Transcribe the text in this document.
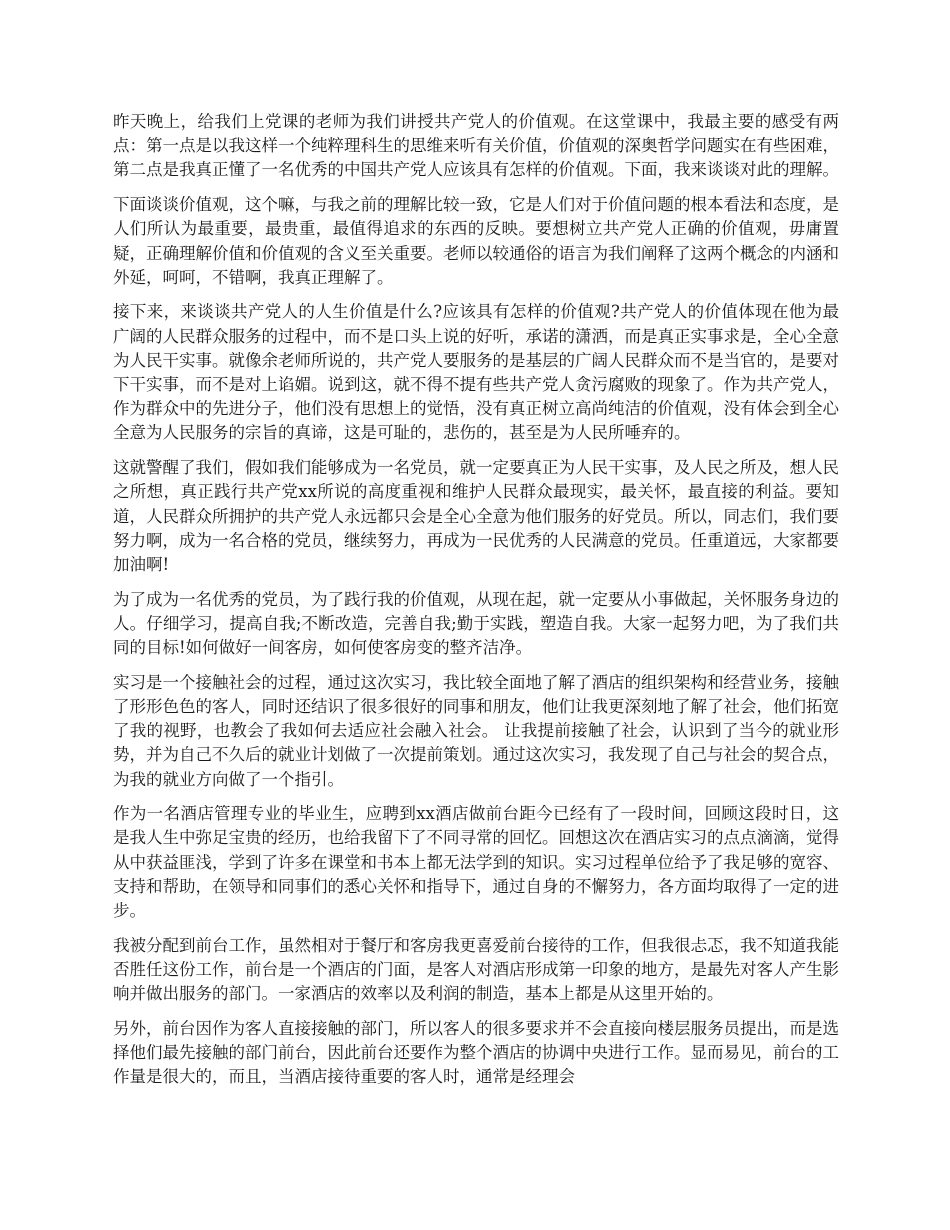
昨天晚上，给我们上党课的老师为我们讲授共产党人的价值观。在这堂课中，我最主要的感受有两点：第一点是以我这样一个纯粹理科生的思维来听有关价值，价值观的深奥哲学问题实在有些困难，第二点是我真正懂了一名优秀的中国共产党人应该具有怎样的价值观。下面，我来谈谈对此的理解。

下面谈谈价值观，这个嘛，与我之前的理解比较一致，它是人们对于价值问题的根本看法和态度，是人们所认为最重要，最贵重，最值得追求的东西的反映。要想树立共产党人正确的价值观，毋庸置疑，正确理解价值和价值观的含义至关重要。老师以较通俗的语言为我们阐释了这两个概念的内涵和外延，呵呵，不错啊，我真正理解了。

接下来，来谈谈共产党人的人生价值是什么?应该具有怎样的价值观?共产党人的价值体现在他为最广阔的人民群众服务的过程中，而不是口头上说的好听，承诺的潇洒，而是真正实事求是，全心全意为人民干实事。就像余老师所说的，共产党人要服务的是基层的广阔人民群众而不是当官的，是要对下干实事，而不是对上谄媚。说到这，就不得不提有些共产党人贪污腐败的现象了。作为共产党人，作为群众中的先进分子，他们没有思想上的觉悟，没有真正树立高尚纯洁的价值观，没有体会到全心全意为人民服务的宗旨的真谛，这是可耻的，悲伤的，甚至是为人民所唾弃的。

这就警醒了我们，假如我们能够成为一名党员，就一定要真正为人民干实事，及人民之所及，想人民之所想，真正践行共产党xx所说的高度重视和维护人民群众最现实，最关怀，最直接的利益。要知道，人民群众所拥护的共产党人永远都只会是全心全意为他们服务的好党员。所以，同志们，我们要努力啊，成为一名合格的党员，继续努力，再成为一民优秀的人民满意的党员。任重道远，大家都要加油啊!

为了成为一名优秀的党员，为了践行我的价值观，从现在起，就一定要从小事做起，关怀服务身边的人。仔细学习，提高自我;不断改造，完善自我;勤于实践，塑造自我。大家一起努力吧，为了我们共同的目标!如何做好一间客房，如何使客房变的整齐洁净。

实习是一个接触社会的过程，通过这次实习，我比较全面地了解了酒店的组织架构和经营业务，接触了形形色色的客人，同时还结识了很多很好的同事和朋友，他们让我更深刻地了解了社会，他们拓宽了我的视野，也教会了我如何去适应社会融入社会。 让我提前接触了社会，认识到了当今的就业形势，并为自己不久后的就业计划做了一次提前策划。通过这次实习，我发现了自己与社会的契合点，为我的就业方向做了一个指引。

作为一名酒店管理专业的毕业生，应聘到xx酒店做前台距今已经有了一段时间，回顾这段时日，这是我人生中弥足宝贵的经历，也给我留下了不同寻常的回忆。回想这次在酒店实习的点点滴滴，觉得从中获益匪浅，学到了许多在课堂和书本上都无法学到的知识。实习过程单位给予了我足够的宽容、支持和帮助，在领导和同事们的悉心关怀和指导下，通过自身的不懈努力，各方面均取得了一定的进步。

我被分配到前台工作，虽然相对于餐厅和客房我更喜爱前台接待的工作，但我很忐忑，我不知道我能否胜任这份工作，前台是一个酒店的门面，是客人对酒店形成第一印象的地方，是最先对客人产生影响并做出服务的部门。一家酒店的效率以及利润的制造，基本上都是从这里开始的。

另外，前台因作为客人直接接触的部门，所以客人的很多要求并不会直接向楼层服务员提出，而是选择他们最先接触的部门前台，因此前台还要作为整个酒店的协调中央进行工作。显而易见，前台的工作量是很大的，而且，当酒店接待重要的客人时，通常是经理会
